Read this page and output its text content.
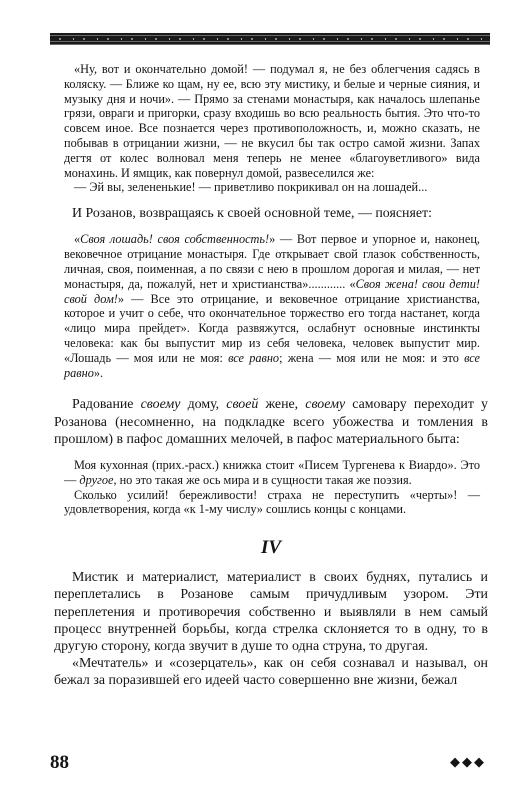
«Ну, вот и окончательно домой! — подумал я, не без облегчения садясь в коляску. — Ближе ко щам, ну ее, всю эту мистику, и белые и черные сияния, и музыку дня и ночи». — Прямо за стенами монастыря, как началось шлепанье грязи, овраги и пригорки, сразу входишь во всю реальность бытия. Это что-то совсем иное. Все познается через противоположность, и, можно сказать, не побывав в отрицании жизни, — не вкусил бы так остро самой жизни. Запах дегтя от колес волновал меня теперь не менее «благоуветливого» вида монахинь. И ямщик, как повернул домой, развеселился же:

— Эй вы, зелененькие! — приветливо покрикивал он на лошадей...

И Розанов, возвращаясь к своей основной теме, — поясняет:

«Своя лошадь! своя собственность!» — Вот первое и упорное и, наконец, вековечное отрицание монастыря. Где открывает свой глазок собственность, личная, своя, поименная, а по связи с нею в прошлом дорогая и милая, — нет монастыря, да, пожалуй, нет и христианства»............ «Своя жена! свои дети! свой дом!» — Все это отрицание, и вековечное отрицание христианства, которое и учит о себе, что окончательное торжество его тогда настанет, когда «лицо мира прейдет». Когда развяжутся, ослабнут основные инстинкты человека: как бы выпустит мир из себя человека, человек выпустит мир. «Лошадь — моя или не моя: все равно; жена — моя или не моя: и это все равно».

Радование своему дому, своей жене, своему самовару переходит у Розанова (несомненно, на подкладке всего убожества и томления в прошлом) в пафос домашних мелочей, в пафос материального быта:

Моя кухонная (прих.-расх.) книжка стоит «Писем Тургенева к Виардо». Это — другое, но это такая же ось мира и в сущности такая же поэзия.

Сколько усилий! бережливости! страха не переступить «черты»! — удовлетворения, когда «к 1-му числу» сошлись концы с концами.

IV

Мистик и материалист, материалист в своих буднях, путались и переплетались в Розанове самым причудливым узором. Эти переплетения и противоречия собственно и выявляли в нем самый процесс внутренней борьбы, когда стрелка склоняется то в одну, то в другую сторону, когда звучит в душе то одна струна, то другая.

«Мечтатель» и «созерцатель», как он себя сознавал и называл, он бежал за поразившей его идеей часто совершенно вне жизни, бежал

88	◆◆◆
